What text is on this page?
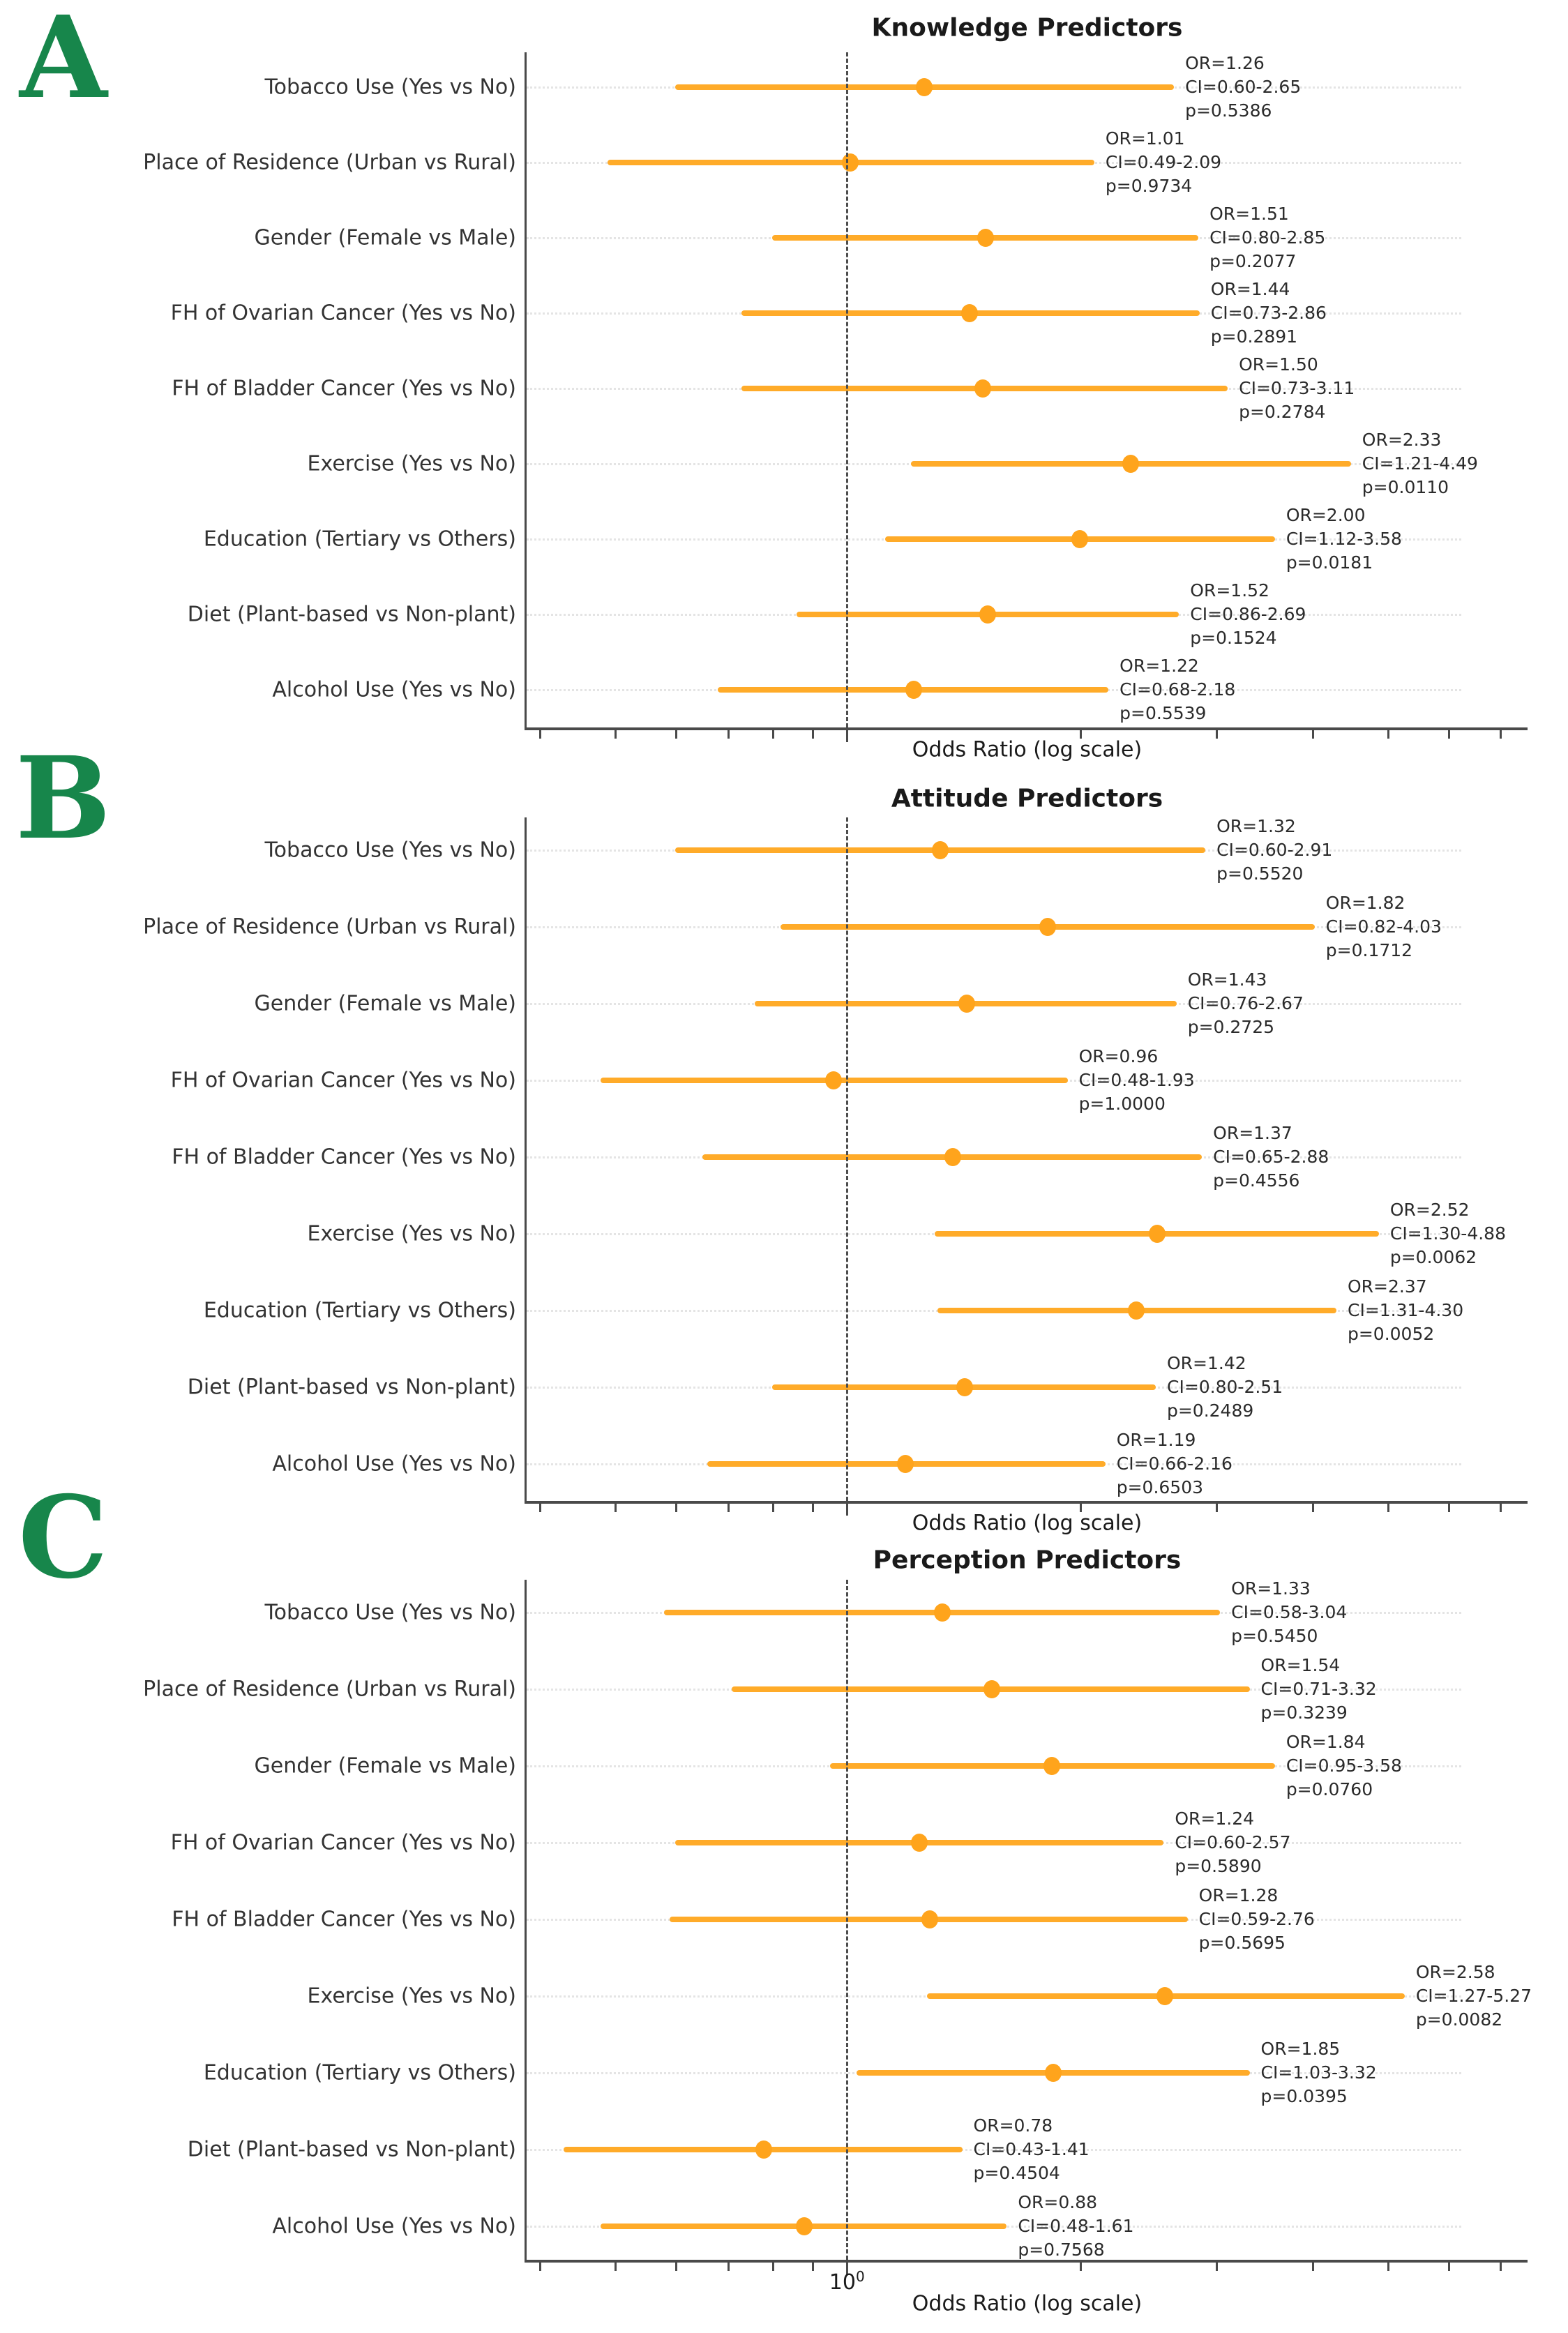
A	Knowledge Predictors
Tobacco Use (Yes vs No)
OR=1.26
CI=0.60-2.65
p=0.5386
Place of Residence (Urban vs Rural)
OR=1.01
CI=0.49-2.09
p=0.9734
Gender (Female vs Male)
OR=1.51
CI=0.80-2.85
p=0.2077
FH of Ovarian Cancer (Yes vs No)
OR=1.44
CI=0.73-2.86
p=0.2891
FH of Bladder Cancer (Yes vs No)
OR=1.50
CI=0.73-3.11
p=0.2784
Exercise (Yes vs No)
OR=2.33
CI=1.21-4.49
p=0.0110
Education (Tertiary vs Others)
OR=2.00
CI=1.12-3.58
p=0.0181
Diet (Plant-based vs Non-plant)
OR=1.52
CI=0.86-2.69
p=0.1524
Alcohol Use (Yes vs No)
OR=1.22
CI=0.68-2.18
p=0.5539
Odds Ratio (log scale)
B	Attitude Predictors
Tobacco Use (Yes vs No)
OR=1.32
CI=0.60-2.91
p=0.5520
Place of Residence (Urban vs Rural)
OR=1.82
CI=0.82-4.03
p=0.1712
Gender (Female vs Male)
OR=1.43
CI=0.76-2.67
p=0.2725
FH of Ovarian Cancer (Yes vs No)
OR=0.96
CI=0.48-1.93
p=1.0000
FH of Bladder Cancer (Yes vs No)
OR=1.37
CI=0.65-2.88
p=0.4556
Exercise (Yes vs No)
OR=2.52
CI=1.30-4.88
p=0.0062
Education (Tertiary vs Others)
OR=2.37
CI=1.31-4.30
p=0.0052
Diet (Plant-based vs Non-plant)
OR=1.42
CI=0.80-2.51
p=0.2489
Alcohol Use (Yes vs No)
OR=1.19
CI=0.66-2.16
p=0.6503
Odds Ratio (log scale)
C	Perception Predictors
Tobacco Use (Yes vs No)
OR=1.33
CI=0.58-3.04
p=0.5450
Place of Residence (Urban vs Rural)
OR=1.54
CI=0.71-3.32
p=0.3239
Gender (Female vs Male)
OR=1.84
CI=0.95-3.58
p=0.0760
FH of Ovarian Cancer (Yes vs No)
OR=1.24
CI=0.60-2.57
p=0.5890
FH of Bladder Cancer (Yes vs No)
OR=1.28
CI=0.59-2.76
p=0.5695
Exercise (Yes vs No)
OR=2.58
CI=1.27-5.27
p=0.0082
Education (Tertiary vs Others)
OR=1.85
CI=1.03-3.32
p=0.0395
Diet (Plant-based vs Non-plant)
OR=0.78
CI=0.43-1.41
p=0.4504
Alcohol Use (Yes vs No)
OR=0.88
CI=0.48-1.61
p=0.7568
$10^0$
Odds Ratio (log scale)
